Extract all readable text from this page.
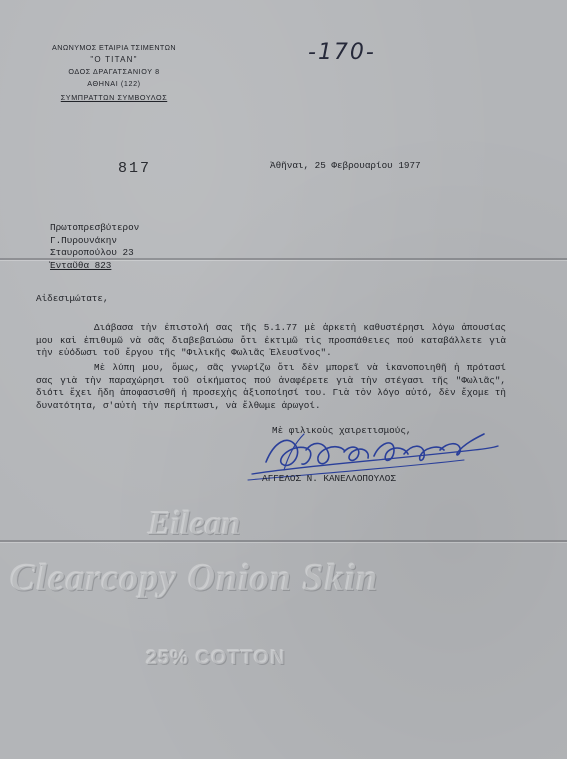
ΑΝΩΝΥΜΟΣ ΕΤΑΙΡΙΑ ΤΣΙΜΕΝΤΩΝ
"Ο ΤΙΤΑΝ"
ΟΔΟΣ ΔΡΑΓΑΤΣΑΝΙΟΥ 8
ΑΘΗΝΑΙ (122)
ΣΥΜΠΡΑΤΤΩΝ ΣΥΜΒΟΥΛΟΣ
-170-
817	Ἀθῆναι, 25 Φεβρουαρίου 1977
Πρωτοπρεσβύτερον
Γ.Πυρουνάκην
Σταυροπούλου 23
Ἐνταῦθα 823
Αἰδεσιμώτατε,
Διάβασα τὴν ἐπιστολή σας τῆς 5.1.77 μὲ ἀρκετὴ καθυστέρησι λόγω ἀπουσίας μου καὶ ἐπιθυμῶ νὰ σᾶς διαβεβαιώσω ὅτι ἐκτιμῶ τὶς προσπάθειες πού καταβάλλετε γιὰ τὴν εὐόδωσι τοῦ ἔργου τῆς "Φιλικῆς Φωλιᾶς Ἐλευσῖνος".
Μὲ λύπη μου, ὅμως, σᾶς γνωρίζω ὅτι δὲν μπορεῖ νὰ ἱκανοποιηθῆ ἡ πρότασί σας γιὰ τὴν παραχώρησι τοῦ οἰκήματος πού ἀναφέρετε γιὰ τὴν στέγασι τῆς "Φωλιᾶς", διότι ἔχει ἤδη ἀποφασισθῆ ἡ προσεχὴς ἀξιοποίησί του. Γιὰ τὸν λόγο αὐτό, δὲν ἔχομε τὴ δυνατότητα, σ'αὐτὴ τὴν περίπτωσι, νὰ ἔλθωμε ἀρωγοί.
Μὲ φιλικοὺς χαιρετισμούς,
ΑΓΓΕΛΟΣ Ν. ΚΑΝΕΛΛΟΠΟΥΛΟΣ
Eilean
Clearcopy Onion Skin
25% COTTON
